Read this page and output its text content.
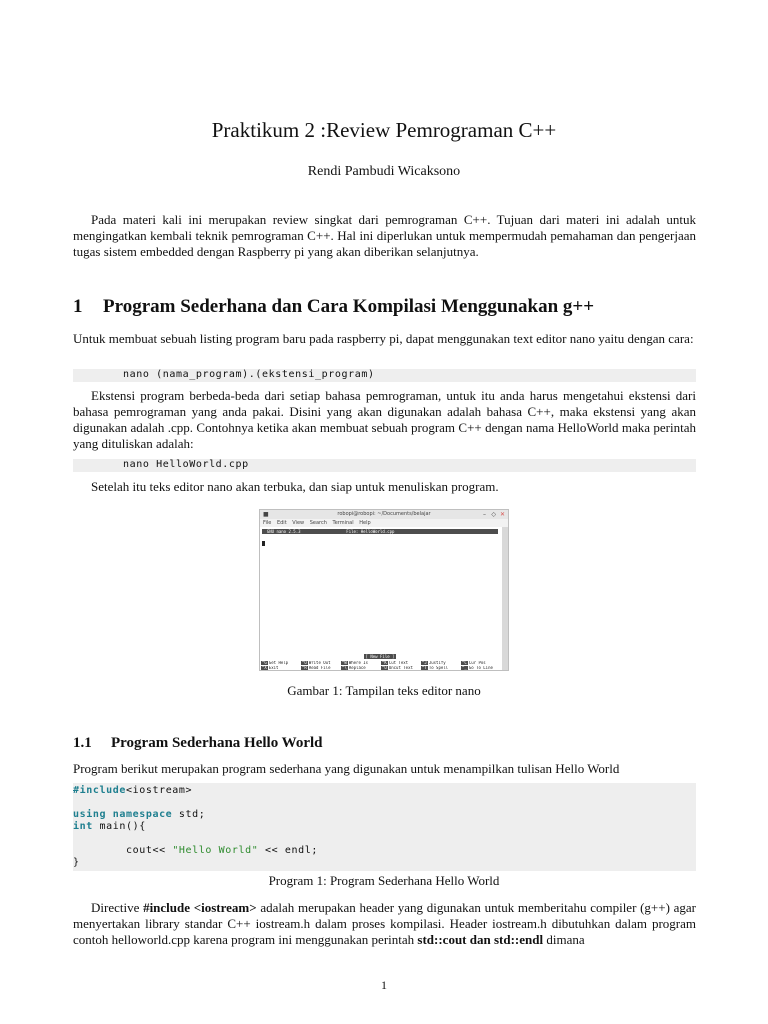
Praktikum 2 :Review Pemrograman C++
Rendi Pambudi Wicaksono

Pada materi kali ini merupakan review singkat dari pemrograman C++. Tujuan dari materi ini adalah untuk mengingatkan kembali teknik pemrograman C++. Hal ini diperlukan untuk mempermudah pemahaman dan pengerjaan tugas sistem embedded dengan Raspberry pi yang akan diberikan selanjutnya.

1 Program Sederhana dan Cara Kompilasi Menggunakan g++

Untuk membuat sebuah listing program baru pada raspberry pi, dapat menggunakan text editor nano yaitu dengan cara:

nano (nama_program).(ekstensi_program)

Ekstensi program berbeda-beda dari setiap bahasa pemrograman, untuk itu anda harus mengetahui ekstensi dari bahasa pemrograman yang anda pakai. Disini yang akan digunakan adalah bahasa C++, maka ekstensi yang akan digunakan adalah .cpp. Contohnya ketika akan membuat sebuah program C++ dengan nama HelloWorld maka perintah yang dituliskan adalah:

nano HelloWorld.cpp

Setelah itu teks editor nano akan terbuka, dan siap untuk menuliskan program.

■	robopi@robopi: ~/Documents/belajar	– ◇ ✕
File Edit View Search Terminal Help
GNU nano 2.5.3                   File: HelloWorld.cpp
[ New File ]
^G Get Help	^O Write Out	^W Where Is	^K Cut Text	^J Justify	^C Cur Pos
^X Exit	^R Read File	^\ Replace	^U Uncut Text	^T To Spell	^_ Go To Line
Gambar 1: Tampilan teks editor nano
1.1 Program Sederhana Hello World

Program berikut merupakan program sederhana yang digunakan untuk menampilkan tulisan Hello World

#include<iostream>
using namespace std;
int main(){
cout<< "Hello World" << endl;
}
Program 1: Program Sederhana Hello World

Directive #include <iostream> adalah merupakan header yang digunakan untuk memberitahu compiler (g++) agar menyertakan library standar C++ iostream.h dalam proses kompilasi. Header iostream.h dibutuhkan dalam program contoh helloworld.cpp karena program ini menggunakan perintah std::cout dan std::endl dimana

1
